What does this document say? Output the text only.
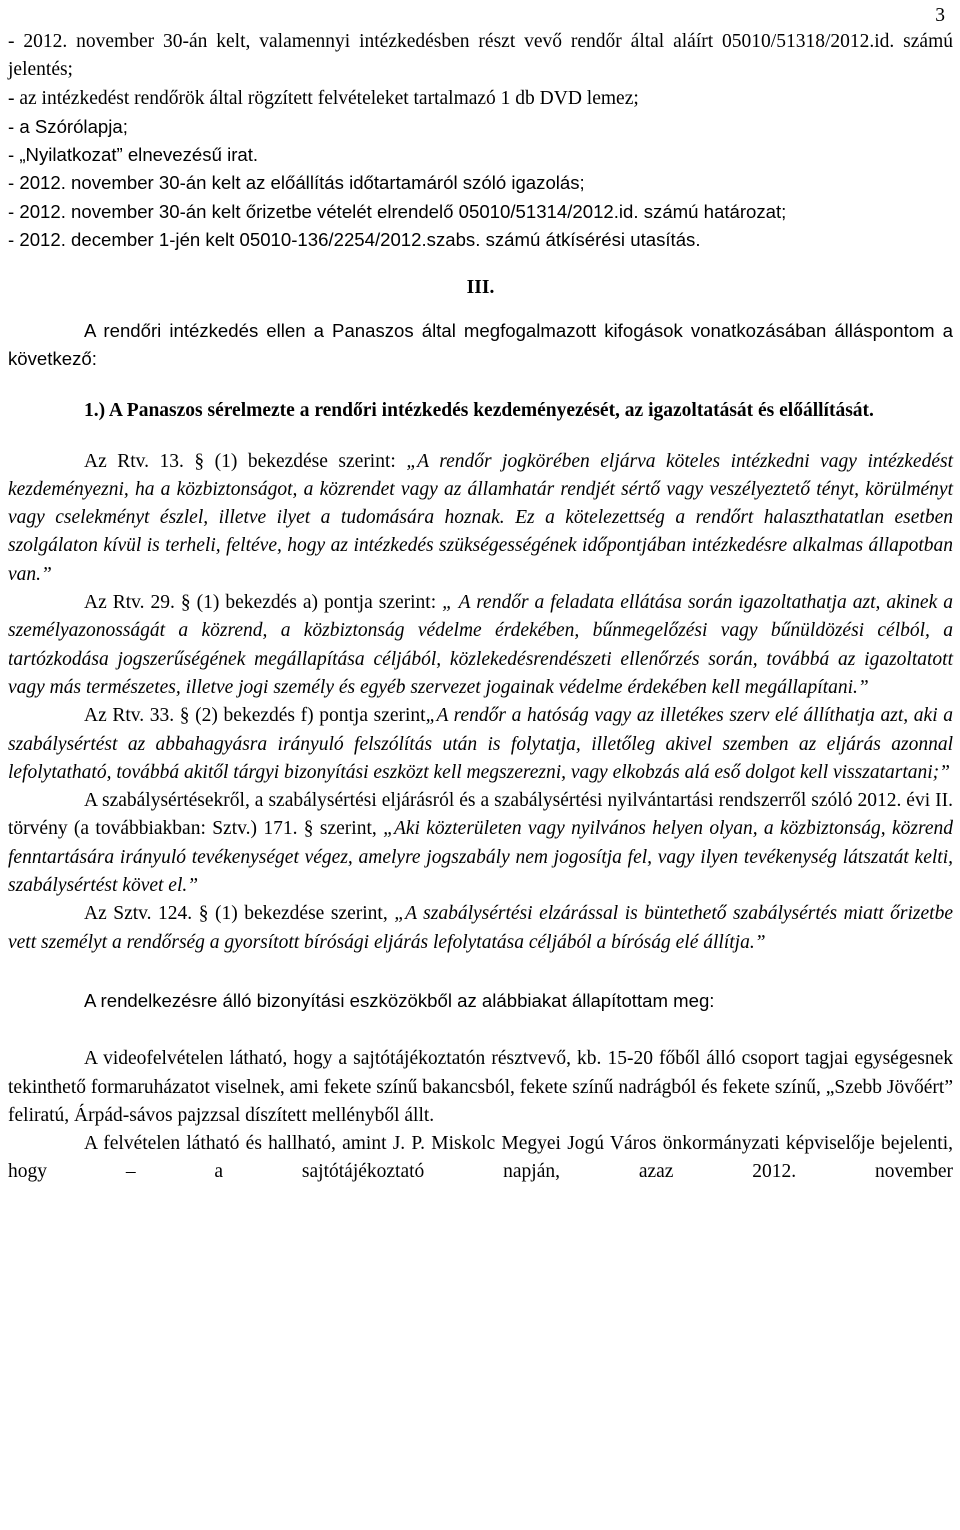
3

- 2012. november 30-án kelt, valamennyi intézkedésben részt vevő rendőr által aláírt 05010/51318/2012.id. számú jelentés;

- az intézkedést rendőrök által rögzített felvételeket tartalmazó 1 db DVD lemez;

- a Szórólapja;

- „Nyilatkozat” elnevezésű irat.

- 2012. november 30-án kelt az előállítás időtartamáról szóló igazolás;

- 2012. november 30-án kelt őrizetbe vételét elrendelő 05010/51314/2012.id. számú határozat;

- 2012. december 1-jén kelt 05010-136/2254/2012.szabs. számú átkísérési utasítás.

III.

A rendőri intézkedés ellen a Panaszos által megfogalmazott kifogások vonatkozásában álláspontom a következő:

1.) A Panaszos sérelmezte a rendőri intézkedés kezdeményezését, az igazoltatását és előállítását.

Az Rtv. 13. § (1) bekezdése szerint: „A rendőr jogkörében eljárva köteles intézkedni vagy intézkedést kezdeményezni, ha a közbiztonságot, a közrendet vagy az államhatár rendjét sértő vagy veszélyeztető tényt, körülményt vagy cselekményt észlel, illetve ilyet a tudomására hoznak. Ez a kötelezettség a rendőrt halaszthatatlan esetben szolgálaton kívül is terheli, feltéve, hogy az intézkedés szükségességének időpontjában intézkedésre alkalmas állapotban van.”

Az Rtv. 29. § (1) bekezdés a) pontja szerint: „ A rendőr a feladata ellátása során igazoltathatja azt, akinek a személyazonosságát a közrend, a közbiztonság védelme érdekében, bűnmegelőzési vagy bűnüldözési célból, a tartózkodása jogszerűségének megállapítása céljából, közlekedésrendészeti ellenőrzés során, továbbá az igazoltatott vagy más természetes, illetve jogi személy és egyéb szervezet jogainak védelme érdekében kell megállapítani.”

Az Rtv. 33. § (2) bekezdés f) pontja szerint„A rendőr a hatóság vagy az illetékes szerv elé állíthatja azt, aki a szabálysértést az abbahagyásra irányuló felszólítás után is folytatja, illetőleg akivel szemben az eljárás azonnal lefolytatható, továbbá akitől tárgyi bizonyítási eszközt kell megszerezni, vagy elkobzás alá eső dolgot kell visszatartani;”

A szabálysértésekről, a szabálysértési eljárásról és a szabálysértési nyilvántartási rendszerről szóló 2012. évi II. törvény (a továbbiakban: Sztv.) 171. § szerint, „Aki közterületen vagy nyilvános helyen olyan, a közbiztonság, közrend fenntartására irányuló tevékenységet végez, amelyre jogszabály nem jogosítja fel, vagy ilyen tevékenység látszatát kelti, szabálysértést követ el.”

Az Sztv. 124. § (1) bekezdése szerint, „A szabálysértési elzárással is büntethető szabálysértés miatt őrizetbe vett személyt a rendőrség a gyorsított bírósági eljárás lefolytatása céljából a bíróság elé állítja.”

A rendelkezésre álló bizonyítási eszközökből az alábbiakat állapítottam meg:

A videofelvételen látható, hogy a sajtótájékoztatón résztvevő, kb. 15-20 főből álló csoport tagjai egységesnek tekinthető formaruházatot viselnek, ami fekete színű bakancsból, fekete színű nadrágból és fekete színű, „Szebb Jövőért” feliratú, Árpád-sávos pajzzsal díszített mellényből állt.

A felvételen látható és hallható, amint J. P. Miskolc Megyei Jogú Város önkormányzati képviselője bejelenti, hogy – a sajtótájékoztató napján, azaz 2012. november
